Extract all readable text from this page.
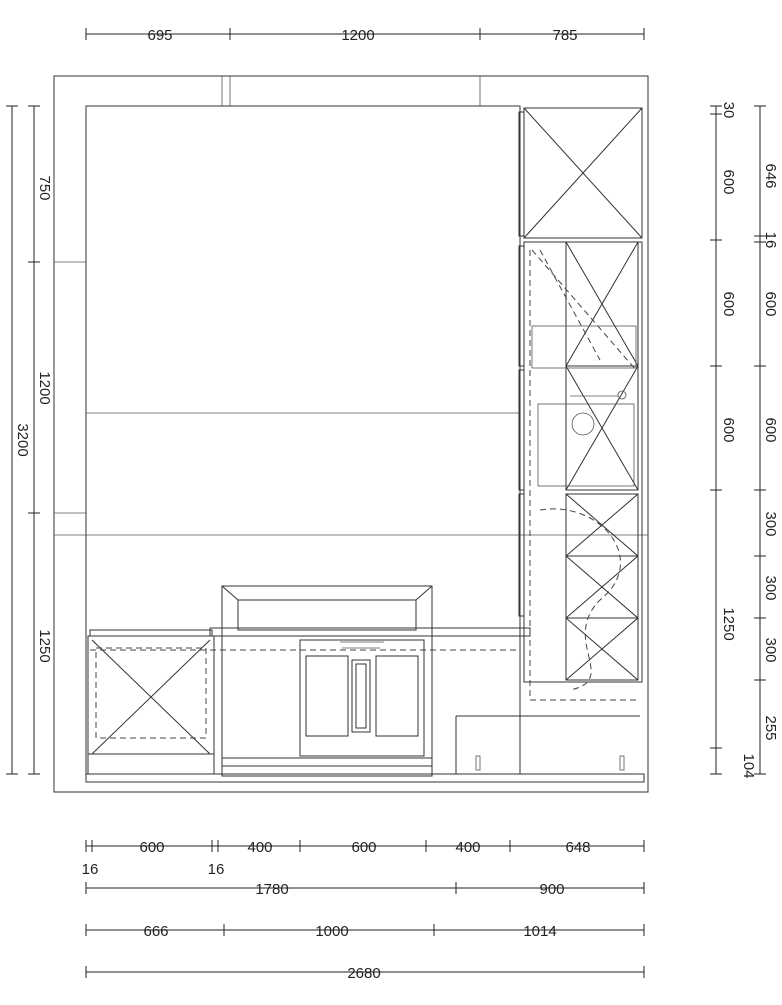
695	1200	785
750
1200
3200
1250
30
600
600
600
1250
104
646
16
600
600
300
300
300
255
600	400	600	400	648
16	16
1780	900
666	1000	1014
2680
